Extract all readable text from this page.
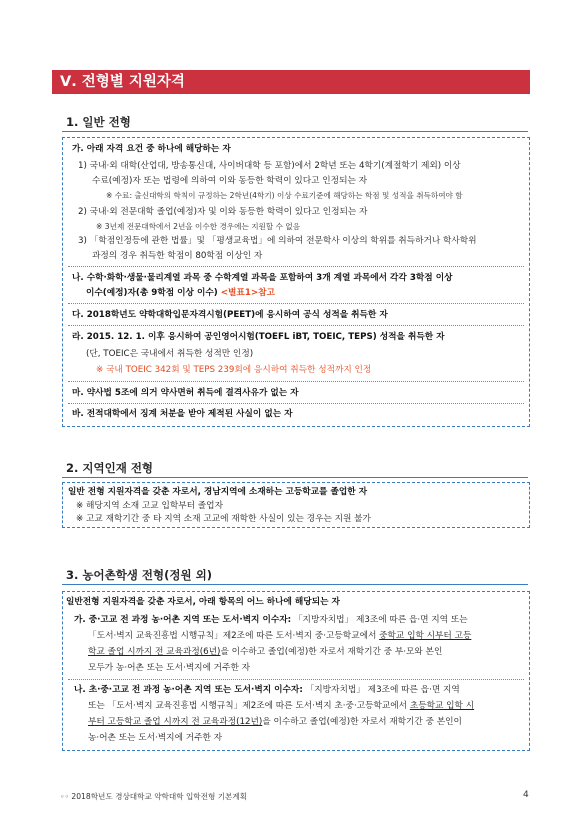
Ⅴ. 전형별 지원자격
1. 일반 전형
가. 아래 자격 요건 중 하나에 해당하는 자
1) 국내·외 대학(산업대, 방송통신대, 사이버대학 등 포함)에서 2학년 또는 4학기(계절학기 제외) 이상
수료(예정)자 또는 법령에 의하여 이와 동등한 학력이 있다고 인정되는 자
※ 수료: 출신대학의 학칙이 규정하는 2학년(4학기) 이상 수료기준에 해당하는 학점 및 성적을 취득하여야 함
2) 국내·외 전문대학 졸업(예정)자 및 이와 동등한 학력이 있다고 인정되는 자
※ 3년제 전문대학에서 2년을 이수한 경우에는 지원할 수 없음
3) 「학점인정등에 관한 법률」및 「평생교육법」에 의하여 전문학사 이상의 학위를 취득하거나 학사학위
과정의 경우 취득한 학점이 80학점 이상인 자
나. 수학·화학·생물·물리계열 과목 중 수학계열 과목을 포함하여 3개 계열 과목에서 각각 3학점 이상
이수(예정)자(총 9학점 이상 이수) <별표1>참고
다. 2018학년도 약학대학입문자격시험(PEET)에 응시하여 공식 성적을 취득한 자
라. 2015. 12. 1. 이후 응시하여 공인영어시험(TOEFL iBT, TOEIC, TEPS) 성적을 취득한 자
(단, TOEIC은 국내에서 취득한 성적만 인정)
※ 국내 TOEIC 342회 및 TEPS 239회에 응시하여 취득한 성적까지 인정
마. 약사법 5조에 의거 약사면허 취득에 결격사유가 없는 자
바. 전적대학에서 징계 처분을 받아 제적된 사실이 없는 자
2. 지역인재 전형
일반 전형 지원자격을 갖춘 자로서, 경남지역에 소재하는 고등학교를 졸업한 자
※ 해당지역 소재 고교 입학부터 졸업자
※ 고교 재학기간 중 타 지역 소재 고교에 재학한 사실이 있는 경우는 지원 불가
3. 농어촌학생 전형(정원 외)
일반전형 지원자격을 갖춘 자로서, 아래 항목의 어느 하나에 해당되는 자
가. 중·고교 전 과정 농·어촌 지역 또는 도서·벽지 이수자: 「지방자치법」 제3조에 따른 읍·면 지역 또는
「도서·벽지 교육진흥법 시행규칙」제2조에 따른 도서·벽지 중·고등학교에서 중학교 입학 시부터 고등
학교 졸업 시까지 전 교육과정(6년)을 이수하고 졸업(예정)한 자로서 재학기간 중 부·모와 본인
모두가 농·어촌 또는 도서·벽지에 거주한 자
나. 초·중·고교 전 과정 농·어촌 지역 또는 도서·벽지 이수자: 「지방자치법」 제3조에 따른 읍·면 지역
또는 「도서·벽지 교육진흥법 시행규칙」제2조에 따른 도서·벽지 초·중·고등학교에서 초등학교 입학 시
부터 고등학교 졸업 시까지 전 교육과정(12년)을 이수하고 졸업(예정)한 자로서 재학기간 중 본인이
농·어촌 또는 도서·벽지에 거주한 자
◦◦ 2018학년도 경상대학교 약학대학 입학전형 기본계획	4
